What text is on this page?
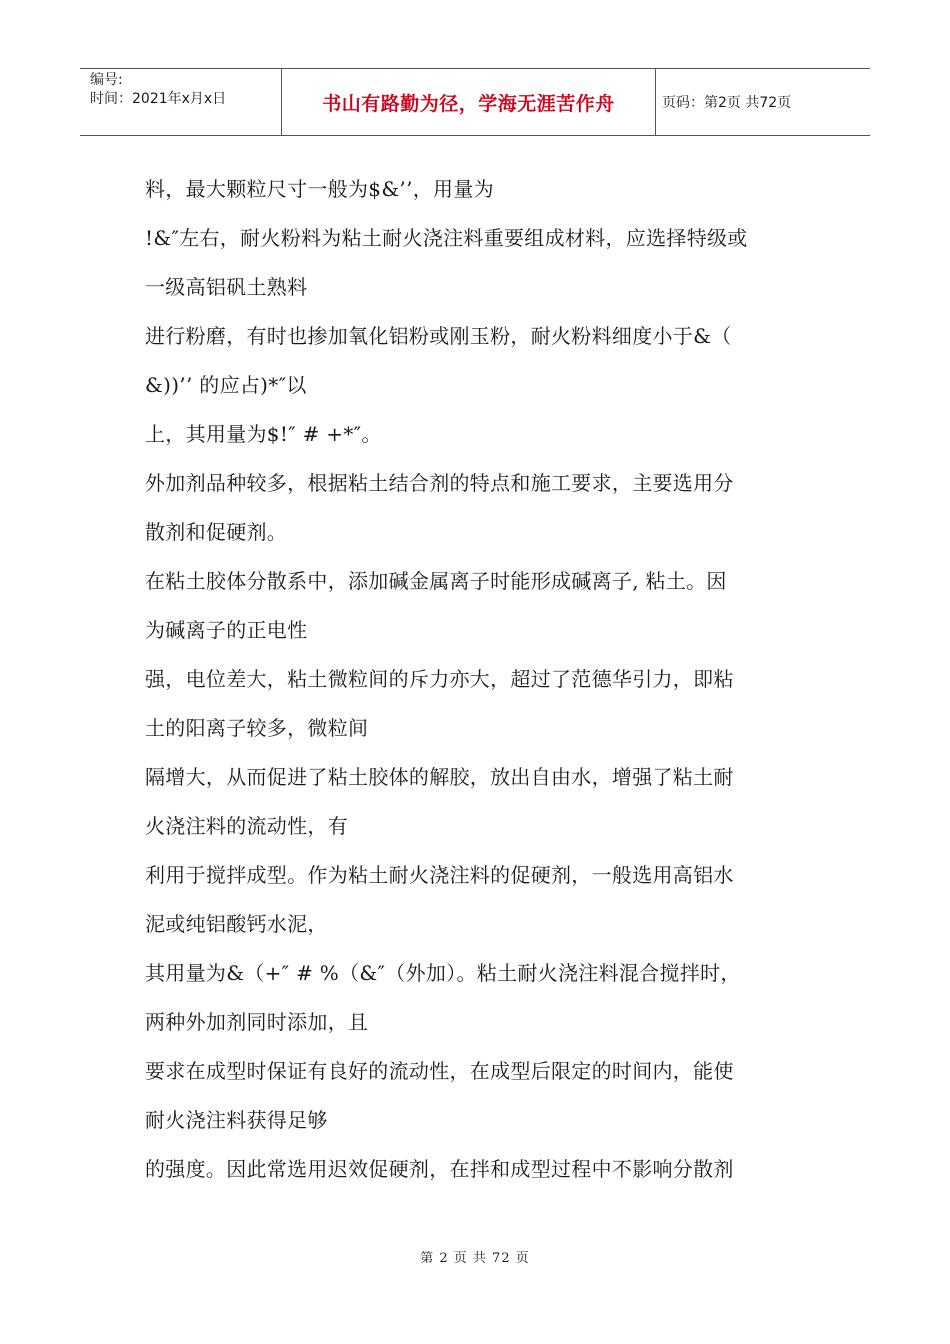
编号:
时间：2021年x月x日	书山有路勤为径，学海无涯苦作舟	页码：第2页 共72页

料，最大颗粒尺寸一般为$&’’，用量为

!&″左右，耐火粉料为粘土耐火浇注料重要组成材料，应选择特级或

一级高铝矾土熟料

进行粉磨，有时也掺加氧化铝粉或刚玉粉，耐火粉料细度小于&（

&))’’ 的应占)*″以

上，其用量为$!″ # +*″。

外加剂品种较多，根据粘土结合剂的特点和施工要求，主要选用分

散剂和促硬剂。

在粘土胶体分散系中，添加碱金属离子时能形成碱离子, 粘土。因

为碱离子的正电性

强，电位差大，粘土微粒间的斥力亦大，超过了范德华引力，即粘

土的阳离子较多，微粒间

隔增大，从而促进了粘土胶体的解胶，放出自由水，增强了粘土耐

火浇注料的流动性，有

利用于搅拌成型。作为粘土耐火浇注料的促硬剂，一般选用高铝水

泥或纯铝酸钙水泥，

其用量为&（+″ # %（&″（外加）。粘土耐火浇注料混合搅拌时，

两种外加剂同时添加，且

要求在成型时保证有良好的流动性，在成型后限定的时间内，能使

耐火浇注料获得足够

的强度。因此常选用迟效促硬剂，在拌和成型过程中不影响分散剂

第 2 页 共 72 页
